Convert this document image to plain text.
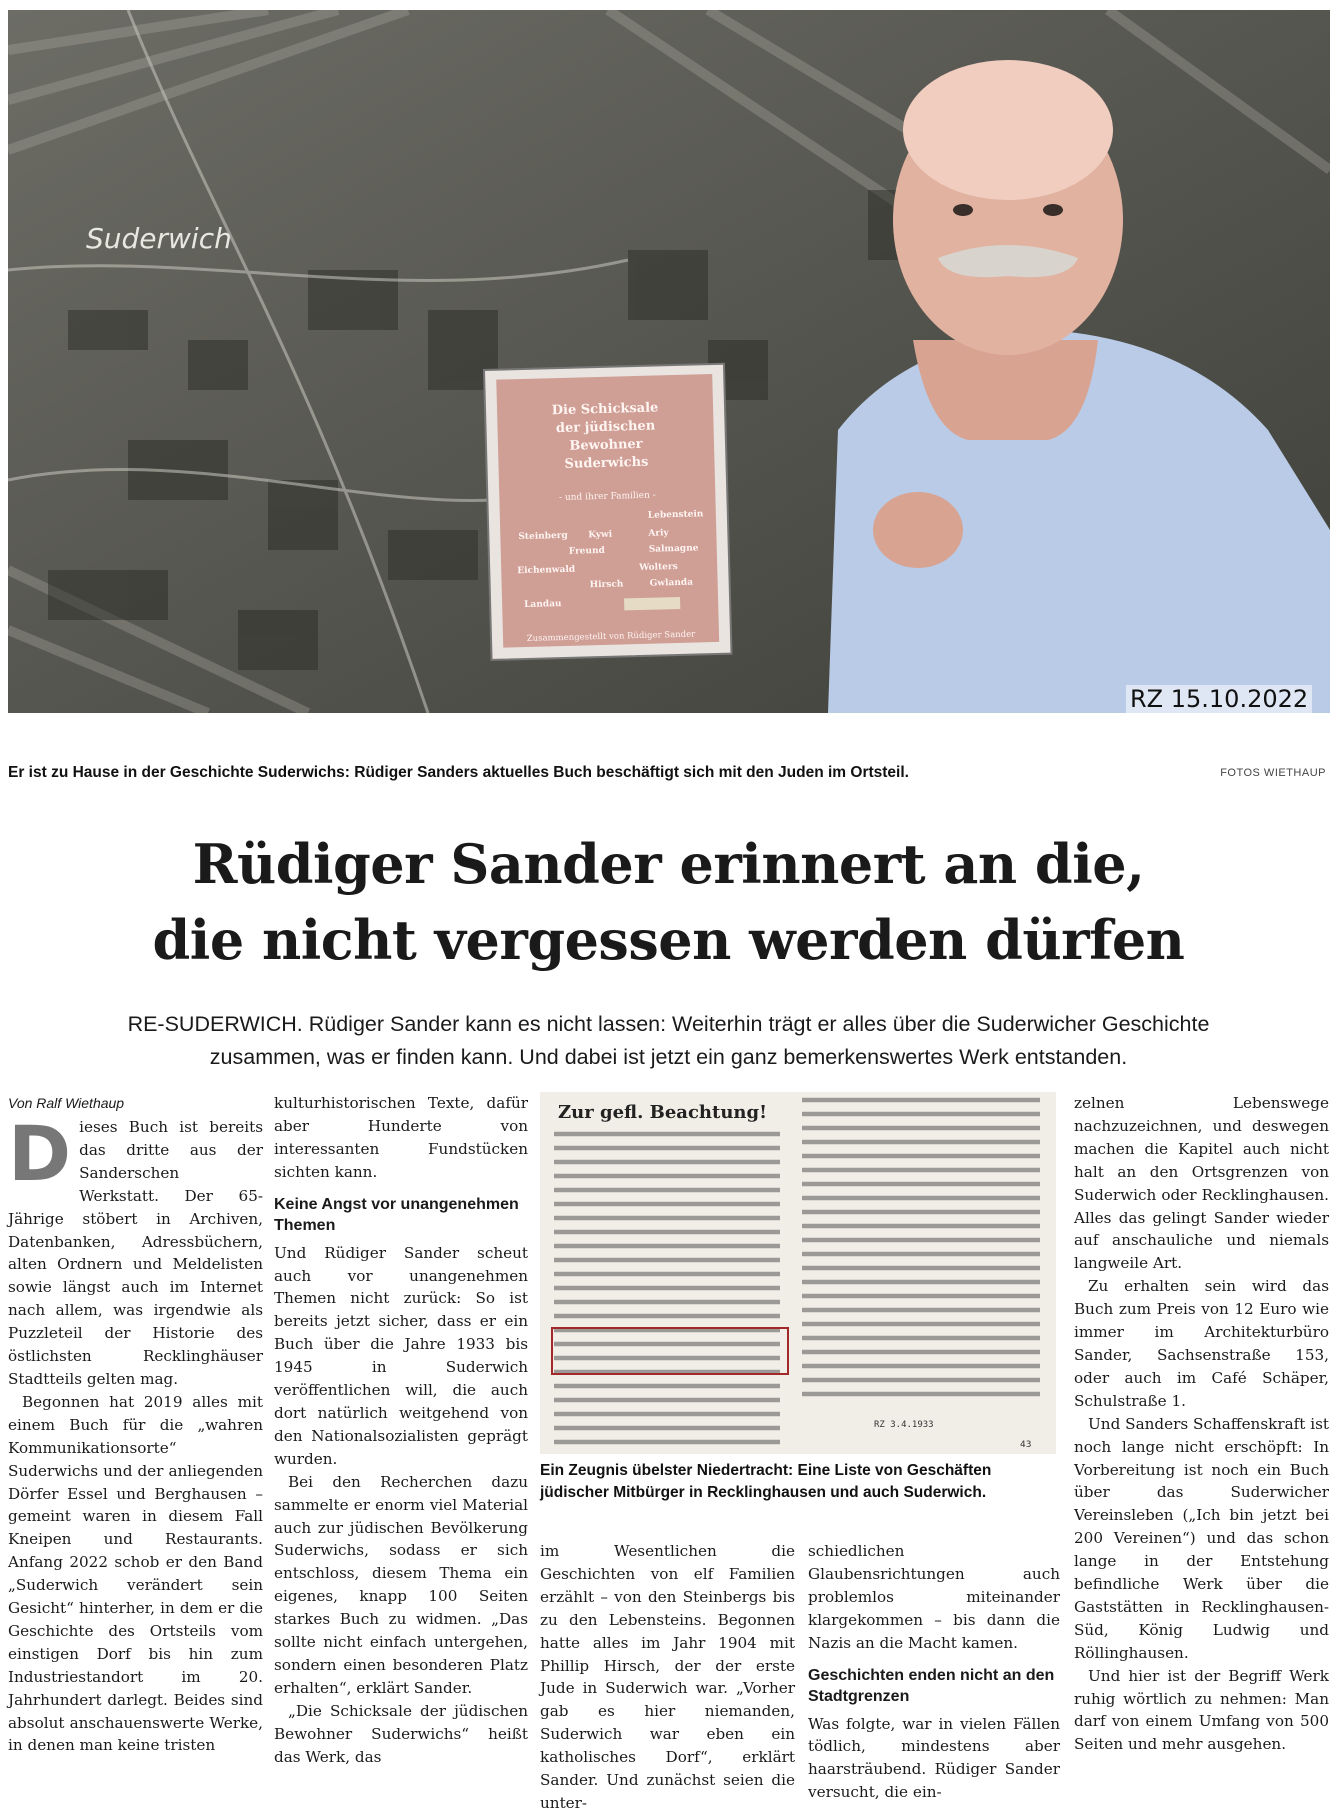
Suderwich
Die Schicksaleder jüdischenBewohnerSuderwichs
- und ihrer Familien -
Lebenstein
Steinberg Kywi	Ariy
Freund	Salmagne
Eichenwald	Wolters
Hirsch	Gwlanda
Landau
Zusammengestellt von Rüdiger Sander
RZ 15.10.2022
Er ist zu Hause in der Geschichte Suderwichs: Rüdiger Sanders aktuelles Buch beschäftigt sich mit den Juden im Ortsteil.	FOTOS WIETHAUP
Rüdiger Sander erinnert an die,
die nicht vergessen werden dürfen
RE-SUDERWICH. Rüdiger Sander kann es nicht lassen: Weiterhin trägt er alles über die Suderwicher Geschichte
zusammen, was er finden kann. Und dabei ist jetzt ein ganz bemerkenswertes Werk entstanden.
Von Ralf Wiethaup

Dieses Buch ist bereits das dritte aus der Sanderschen Werkstatt. Der 65-Jährige stöbert in Archiven, Datenbanken, Adressbüchern, alten Ordnern und Meldelisten sowie längst auch im Internet nach allem, was irgendwie als Puzzleteil der Historie des östlichsten Recklinghäuser Stadtteils gelten mag.

Begonnen hat 2019 alles mit einem Buch für die „wahren Kommunikationsorte“ Suderwichs und der anliegenden Dörfer Essel und Berghausen – gemeint waren in diesem Fall Kneipen und Restaurants. Anfang 2022 schob er den Band „Suderwich verändert sein Gesicht“ hinterher, in dem er die Geschichte des Ortsteils vom einstigen Dorf bis hin zum Industriestandort im 20. Jahrhundert darlegt. Beides sind absolut anschauenswerte Werke, in denen man keine tristen

kulturhistorischen Texte, dafür aber Hunderte von interessanten Fundstücken sichten kann.

Keine Angst vor unangenehmen Themen

Und Rüdiger Sander scheut auch vor unangenehmen Themen nicht zurück: So ist bereits jetzt sicher, dass er ein Buch über die Jahre 1933 bis 1945 in Suderwich veröffentlichen will, die auch dort natürlich weitgehend von den Nationalsozialisten geprägt wurden.

Bei den Recherchen dazu sammelte er enorm viel Material auch zur jüdischen Bevölkerung Suderwichs, sodass er sich entschloss, diesem Thema ein eigenes, knapp 100 Seiten starkes Buch zu widmen. „Das sollte nicht einfach untergehen, sondern einen besonderen Platz erhalten“, erklärt Sander.

„Die Schicksale der jüdischen Bewohner Suderwichs“ heißt das Werk, das

Zur gefl. Beachtung!
RZ 3.4.1933
43
Ein Zeugnis übelster Niedertracht: Eine Liste von Geschäften jüdischer Mitbürger in Recklinghausen und auch Suderwich.

im Wesentlichen die Geschichten von elf Familien erzählt – von den Steinbergs bis zu den Lebensteins. Begonnen hatte alles im Jahr 1904 mit Phillip Hirsch, der der erste Jude in Suderwich war. „Vorher gab es hier niemanden, Suderwich war eben ein katholisches Dorf“, erklärt Sander. Und zunächst seien die unter-

schiedlichen Glaubensrichtungen auch problemlos miteinander klargekommen – bis dann die Nazis an die Macht kamen.

Geschichten enden nicht an den Stadtgrenzen

Was folgte, war in vielen Fällen tödlich, mindestens aber haarsträubend. Rüdiger Sander versucht, die ein-

zelnen Lebenswege nachzuzeichnen, und deswegen machen die Kapitel auch nicht halt an den Ortsgrenzen von Suderwich oder Recklinghausen. Alles das gelingt Sander wieder auf anschauliche und niemals langweile Art.

Zu erhalten sein wird das Buch zum Preis von 12 Euro wie immer im Architekturbüro Sander, Sachsenstraße 153, oder auch im Café Schäper, Schulstraße 1.

Und Sanders Schaffenskraft ist noch lange nicht erschöpft: In Vorbereitung ist noch ein Buch über das Suderwicher Vereinsleben („Ich bin jetzt bei 200 Vereinen“) und das schon lange in der Entstehung befindliche Werk über die Gaststätten in Recklinghausen-Süd, König Ludwig und Röllinghausen.

Und hier ist der Begriff Werk ruhig wörtlich zu nehmen: Man darf von einem Umfang von 500 Seiten und mehr ausgehen.
